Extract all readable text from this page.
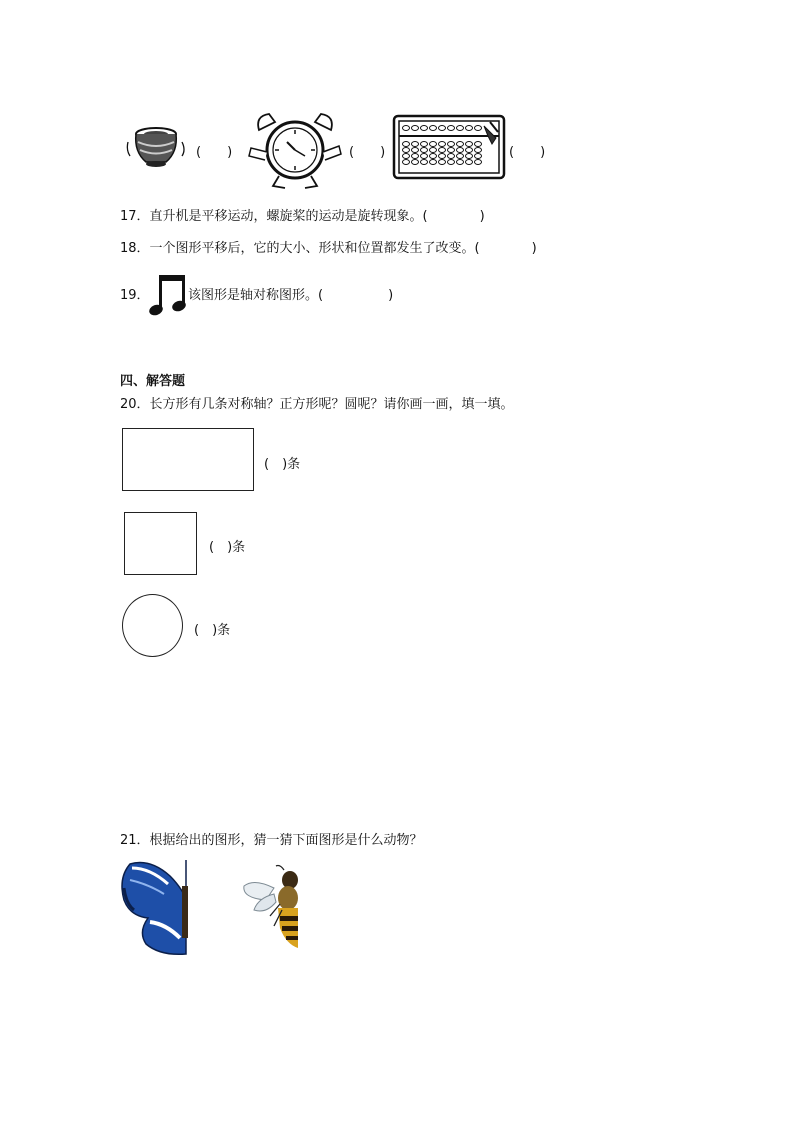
(　　)	(　　)	(　　)
17．直升机是平移运动，螺旋桨的运动是旋转现象。(　　　　)
18．一个图形平移后，它的大小、形状和位置都发生了改变。(　　　　)
19．	该图形是轴对称图形。(　　　　　)
四、解答题
20．长方形有几条对称轴？正方形呢？圆呢？请你画一画，填一填。
(　)条
(　)条
(　)条
21．根据给出的图形，猜一猜下面图形是什么动物？
